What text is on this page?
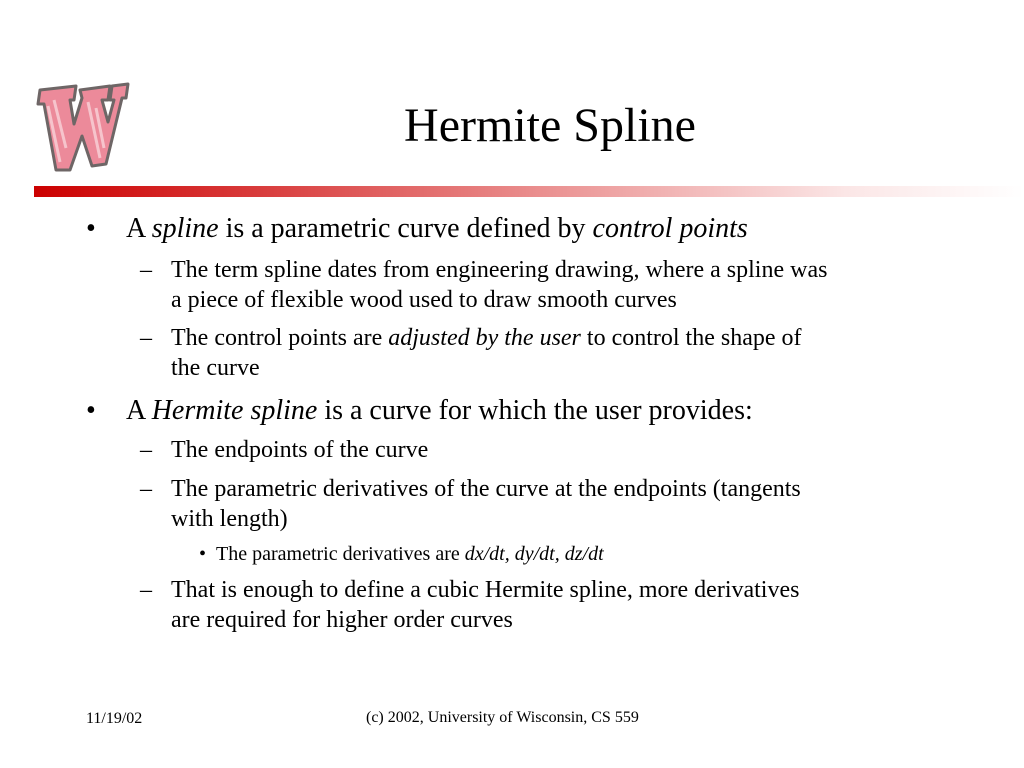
Hermite Spline
• A spline is a parametric curve defined by control points
– The term spline dates from engineering drawing, where a spline was
a piece of flexible wood used to draw smooth curves
– The control points are adjusted by the user to control the shape of
the curve
• A Hermite spline is a curve for which the user provides:
– The endpoints of the curve
– The parametric derivatives of the curve at the endpoints (tangents
with length)
• The parametric derivatives are dx/dt, dy/dt, dz/dt
– That is enough to define a cubic Hermite spline, more derivatives
are required for higher order curves
11/19/02	(c) 2002, University of Wisconsin, CS 559
